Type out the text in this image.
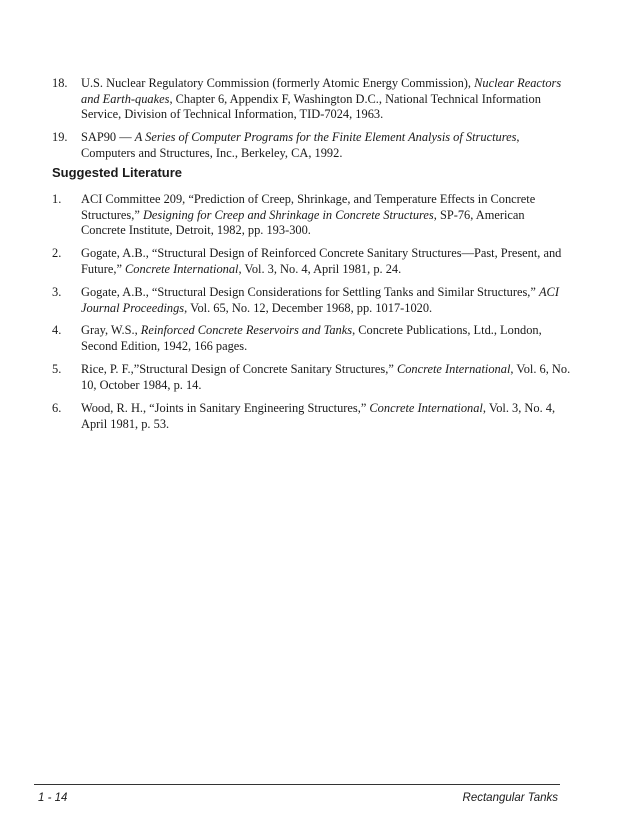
18.	U.S. Nuclear Regulatory Commission (formerly Atomic Energy Commission), Nuclear Reactors and Earth-quakes, Chapter 6, Appendix F, Washington D.C., National Technical Information Service, Division of Technical Information, TID-7024, 1963.
19.	SAP90 — A Series of Computer Programs for the Finite Element Analysis of Structures, Computers and Structures, Inc., Berkeley, CA, 1992.
Suggested Literature
1.	ACI Committee 209, “Prediction of Creep, Shrinkage, and Temperature Effects in Concrete Structures,” Designing for Creep and Shrinkage in Concrete Structures, SP-76, American Concrete Institute, Detroit, 1982, pp. 193-300.
2.	Gogate, A.B., “Structural Design of Reinforced Concrete Sanitary Structures—Past, Present, and Future,” Concrete International, Vol. 3, No. 4, April 1981, p. 24.
3.	Gogate, A.B., “Structural Design Considerations for Settling Tanks and Similar Structures,” ACI Journal Proceedings, Vol. 65, No. 12, December 1968, pp. 1017-1020.
4.	Gray, W.S., Reinforced Concrete Reservoirs and Tanks, Concrete Publications, Ltd., London, Second Edition, 1942, 166 pages.
5.	Rice, P. F.,”Structural Design of Concrete Sanitary Structures,” Concrete International, Vol. 6, No. 10, October 1984, p. 14.
6.	Wood, R. H., “Joints in Sanitary Engineering Structures,” Concrete International, Vol. 3, No. 4, April 1981, p. 53.
1 - 14	Rectangular Tanks
